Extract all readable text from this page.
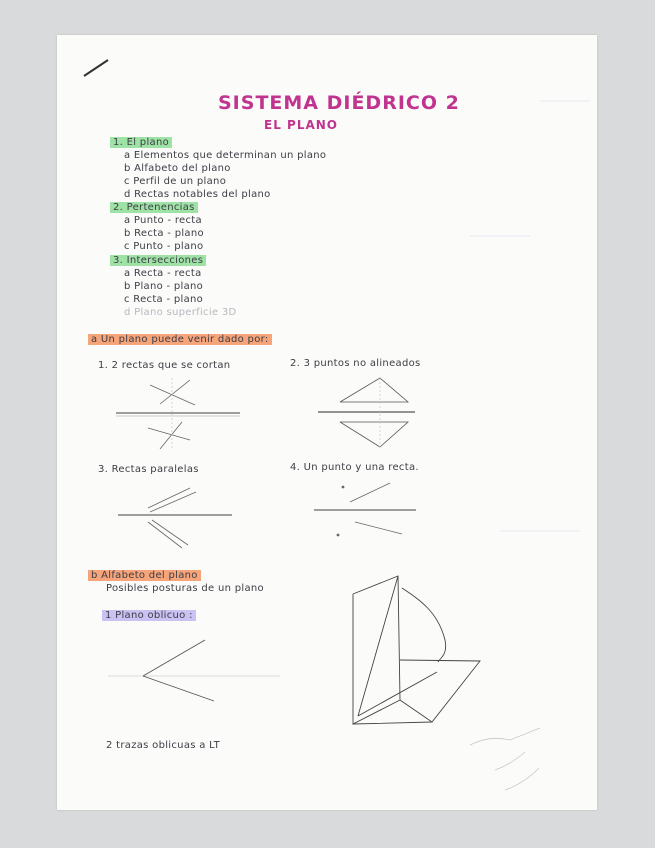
SISTEMA DIÉDRICO 2
EL PLANO
1. El plano
a Elementos que determinan un plano
b Alfabeto del plano
c Perfil de un plano
d Rectas notables del plano
2. Pertenencias
a Punto - recta
b Recta - plano
c Punto - plano
3. Intersecciones
a Recta - recta
b Plano - plano
c Recta - plano
d Plano superficie 3D
a Un plano puede venir dado por:
1. 2 rectas que se cortan	2. 3 puntos no alineados
3. Rectas paralelas	4. Un punto y una recta.
b Alfabeto del plano
Posibles posturas de un plano
1 Plano oblicuo :
2 trazas oblicuas a LT
